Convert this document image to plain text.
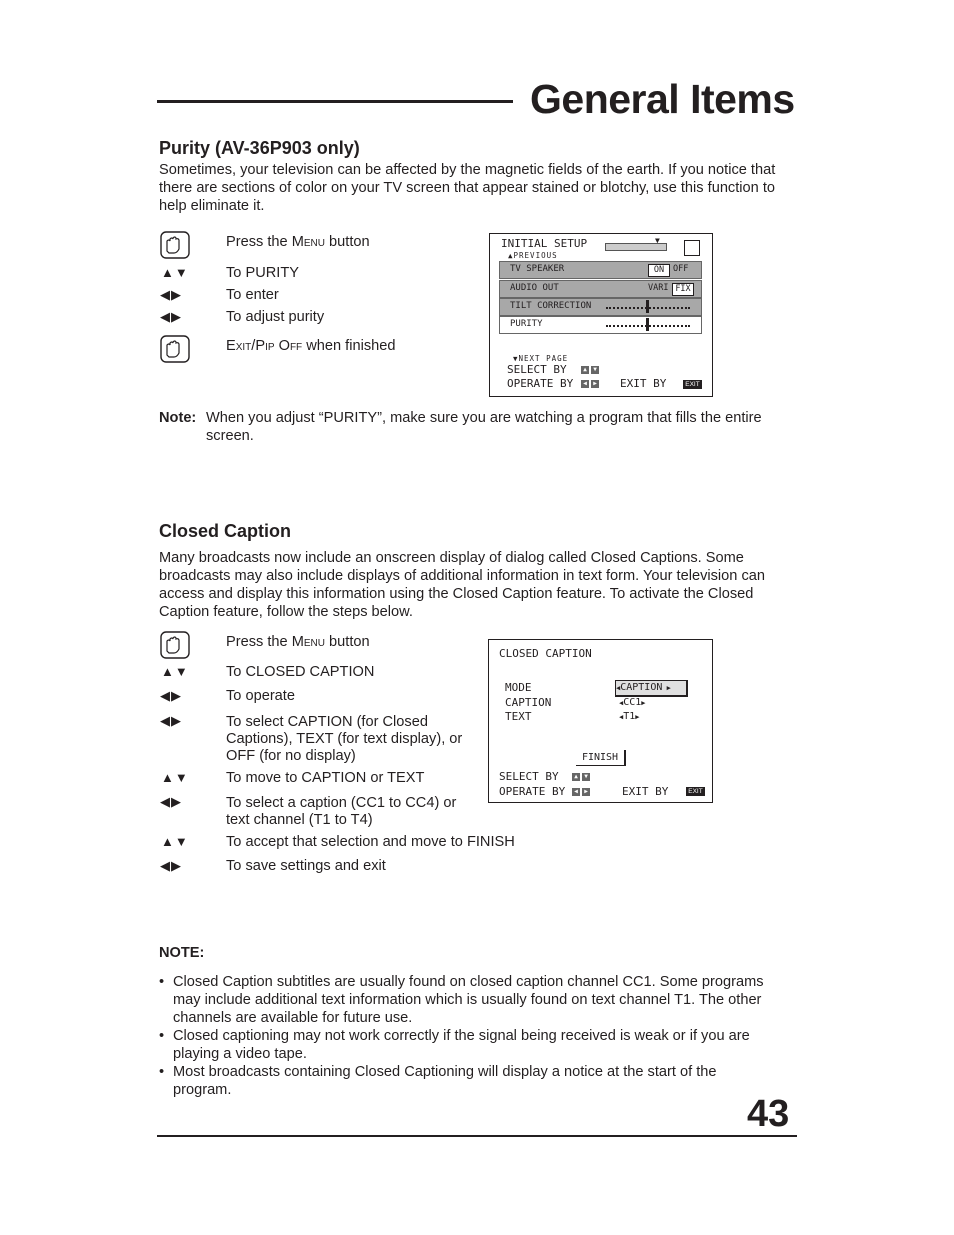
General Items
Purity (AV-36P903 only)
Sometimes, your television can be affected by the magnetic fields of the earth. If you notice that there are sections of color on your TV screen that appear stained or blotchy, use this function to help eliminate it.
Press the Menu button
▲▼	To PURITY
◀▶	To enter
◀▶	To adjust purity
Exit/Pip Off when finished
INITIAL SETUP
▲PREVIOUS
▼
TV SPEAKER	ON	OFF
AUDIO OUT	VARI FIX
TILT CORRECTION
PURITY
▼NEXT PAGE
SELECT BY	▲	▼
OPERATE BY	◀	▶ EXIT BY	EXIT
Note: When you adjust “PURITY”, make sure you are watching a program that fills the entire screen.
Closed Caption
Many broadcasts now include an onscreen display of dialog called Closed Captions. Some broadcasts may also include displays of additional information in text form. Your television can access and display this information using the Closed Caption feature. To activate the Closed Caption feature, follow the steps below.
Press the Menu button
▲▼	To CLOSED CAPTION
◀▶	To operate
◀▶	To select CAPTION (for Closed Captions), TEXT (for text display), or OFF (for no display)
▲▼	To move to CAPTION or TEXT
◀▶	To select a caption (CC1 to CC4) or text channel (T1 to T4)
▲▼	To accept that selection and move to FINISH
◀▶	To save settings and exit
CLOSED CAPTION
MODE	◀CAPTION ▶
CAPTION	◀CC1▶
TEXT	◀T1▶
FINISH
SELECT BY	▲	▼
OPERATE BY	◀	▶	EXIT BY	EXIT
NOTE:
• Closed Caption subtitles are usually found on closed caption channel CC1. Some programs may include additional text information which is usually found on text channel T1. The other channels are available for future use.
• Closed captioning may not work correctly if the signal being received is weak or if you are playing a video tape.
• Most broadcasts containing Closed Captioning will display a notice at the start of the program.
43
